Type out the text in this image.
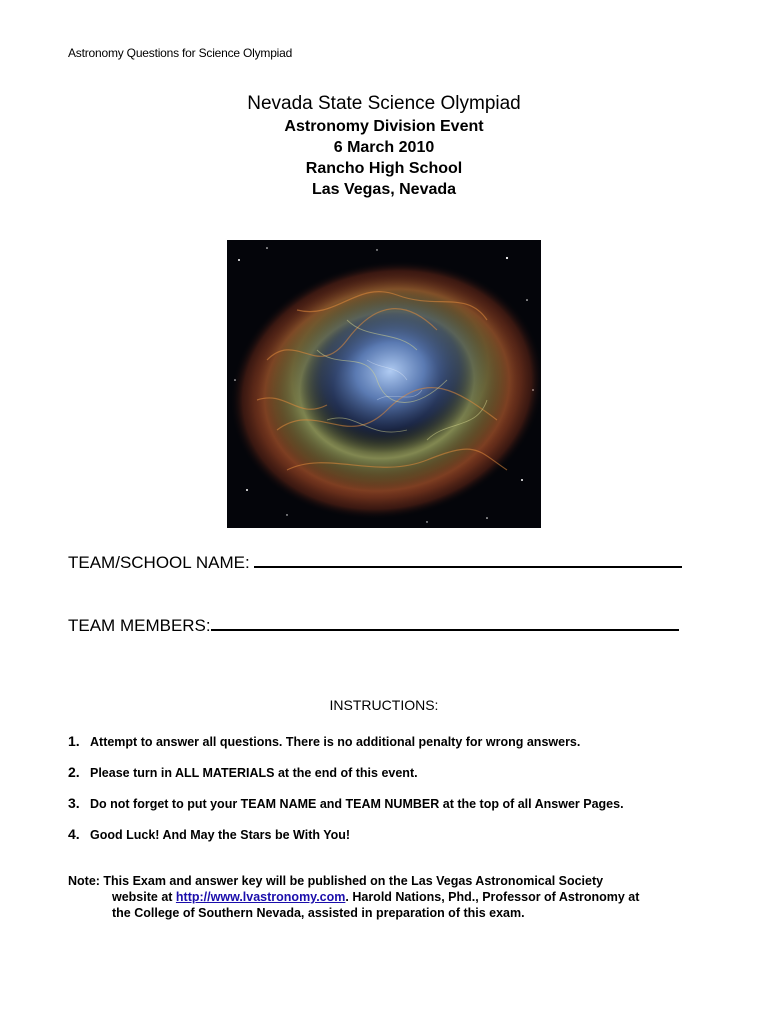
Astronomy Questions for Science Olympiad
Nevada State Science Olympiad
Astronomy Division Event
6 March 2010
Rancho High School
Las Vegas, Nevada
TEAM/SCHOOL NAME:
TEAM MEMBERS:
INSTRUCTIONS:
1. Attempt to answer all questions. There is no additional penalty for wrong answers.
2. Please turn in ALL MATERIALS at the end of this event.
3. Do not forget to put your TEAM NAME and TEAM NUMBER at the top of all Answer Pages.
4. Good Luck! And May the Stars be With You!
Note: This Exam and answer key will be published on the Las Vegas Astronomical Society
website at http://www.lvastronomy.com. Harold Nations, Phd., Professor of Astronomy at
the College of Southern Nevada, assisted in preparation of this exam.
